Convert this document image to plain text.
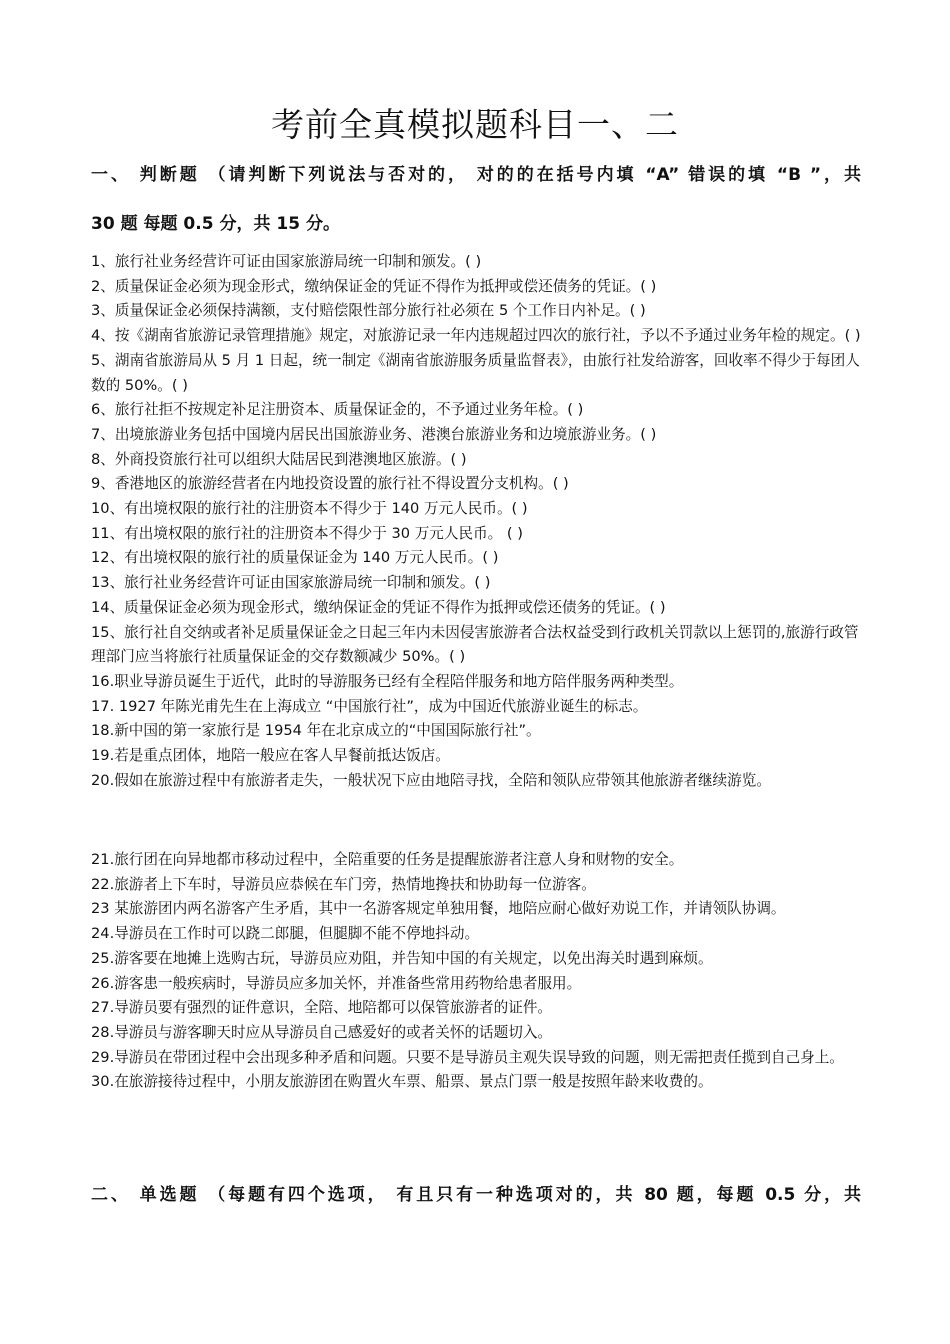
考前全真模拟题科目一、二

一、 判断题 （请判断下列说法与否对的， 对的的在括号内填 “A” 错误的填 “B ”，共

30 题 每题 0.5 分，共 15 分。

1、旅行社业务经营许可证由国家旅游局统一印制和颁发。( )
2、质量保证金必须为现金形式，缴纳保证金的凭证不得作为抵押或偿还债务的凭证。( )
3、质量保证金必须保持满额，支付赔偿限性部分旅行社必须在 5 个工作日内补足。( )
4、按《湖南省旅游记录管理措施》规定，对旅游记录一年内违规超过四次的旅行社，予以不予通过业务年检的规定。( )
5、湖南省旅游局从 5 月 1 日起，统一制定《湖南省旅游服务质量监督表》，由旅行社发给游客，回收率不得少于每团人数的 50%。( )
6、旅行社拒不按规定补足注册资本、质量保证金的，不予通过业务年检。( )
7、出境旅游业务包括中国境内居民出国旅游业务、港澳台旅游业务和边境旅游业务。( )
8、外商投资旅行社可以组织大陆居民到港澳地区旅游。( )
9、香港地区的旅游经营者在内地投资设置的旅行社不得设置分支机构。( )
10、有出境权限的旅行社的注册资本不得少于 140 万元人民币。( )
11、有出境权限的旅行社的注册资本不得少于 30 万元人民币。 ( )
12、有出境权限的旅行社的质量保证金为 140 万元人民币。( )
13、旅行社业务经营许可证由国家旅游局统一印制和颁发。( )
14、质量保证金必须为现金形式，缴纳保证金的凭证不得作为抵押或偿还债务的凭证。( )
15、旅行社自交纳或者补足质量保证金之日起三年内未因侵害旅游者合法权益受到行政机关罚款以上惩罚的,旅游行政管理部门应当将旅行社质量保证金的交存数额减少 50%。( )
16.职业导游员诞生于近代，此时的导游服务已经有全程陪伴服务和地方陪伴服务两种类型。
17. 1927 年陈光甫先生在上海成立 “中国旅行社”，成为中国近代旅游业诞生的标志。
18.新中国的第一家旅行是 1954 年在北京成立的“中国国际旅行社”。
19.若是重点团体，地陪一般应在客人早餐前抵达饭店。
20.假如在旅游过程中有旅游者走失，一般状况下应由地陪寻找，全陪和领队应带领其他旅游者继续游览。
21.旅行团在向异地都市移动过程中，全陪重要的任务是提醒旅游者注意人身和财物的安全。
22.旅游者上下车时，导游员应恭候在车门旁，热情地搀扶和协助每一位游客。
23 某旅游团内两名游客产生矛盾，其中一名游客规定单独用餐，地陪应耐心做好劝说工作，并请领队协调。
24.导游员在工作时可以跷二郎腿，但腿脚不能不停地抖动。
25.游客要在地摊上选购古玩，导游员应劝阻，并告知中国的有关规定，以免出海关时遇到麻烦。
26.游客患一般疾病时，导游员应多加关怀，并准备些常用药物给患者服用。
27.导游员要有强烈的证件意识，全陪、地陪都可以保管旅游者的证件。
28.导游员与游客聊天时应从导游员自己感爱好的或者关怀的话题切入。
29.导游员在带团过程中会出现多种矛盾和问题。只要不是导游员主观失误导致的问题，则无需把责任揽到自己身上。
30.在旅游接待过程中，小朋友旅游团在购置火车票、船票、景点门票一般是按照年龄来收费的。

二、 单选题 （每题有四个选项， 有且只有一种选项对的，共 80 题，每题 0.5 分，共
